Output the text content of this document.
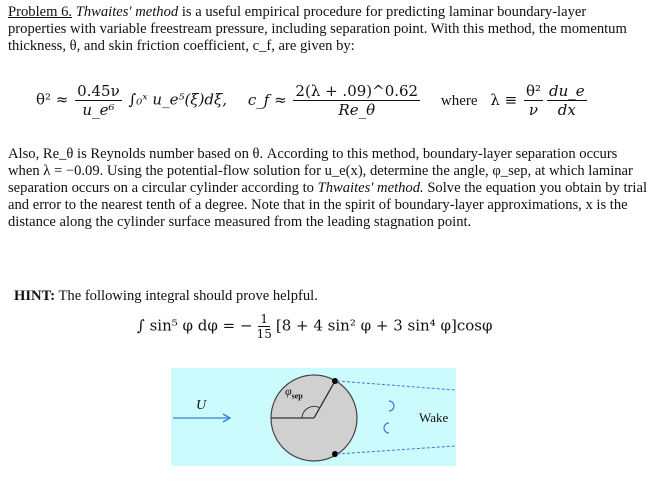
Problem 6. Thwaites' method is a useful empirical procedure for predicting laminar boundary-layer properties with variable freestream pressure, including separation point. With this method, the momentum thickness, θ, and skin friction coefficient, c_f, are given by:
$\theta^2 \approx \frac{0.45\nu}{\text{u\_e⁶}}$ ∫₀ˣ u_e⁵(ξ)dξ, c_f ≈ $\frac{2(\lambda + .09)\^{}0.62}{Re\_\theta}$ where $\lambda \equiv \frac{\text{θ²}}{\nu} \frac{du\_e}{dx}$
Also, Re_θ is Reynolds number based on θ. According to this method, boundary-layer separation occurs when λ = −0.09. Using the potential-flow solution for u_e(x), determine the angle, φ_sep, at which laminar separation occurs on a circular cylinder according to Thwaites' method. Solve the equation you obtain by trial and error to the nearest tenth of a degree. Note that in the spirit of boundary-layer approximations, x is the distance along the cylinder surface measured from the leading stagnation point.
HINT: The following integral should prove helpful.
∫ sin⁵ φ dφ = − $\frac{1}{15} [8 + 4$ sin² φ + 3 sin⁴ φ]cosφ
U
$\varphi_{sep}$
Wake
